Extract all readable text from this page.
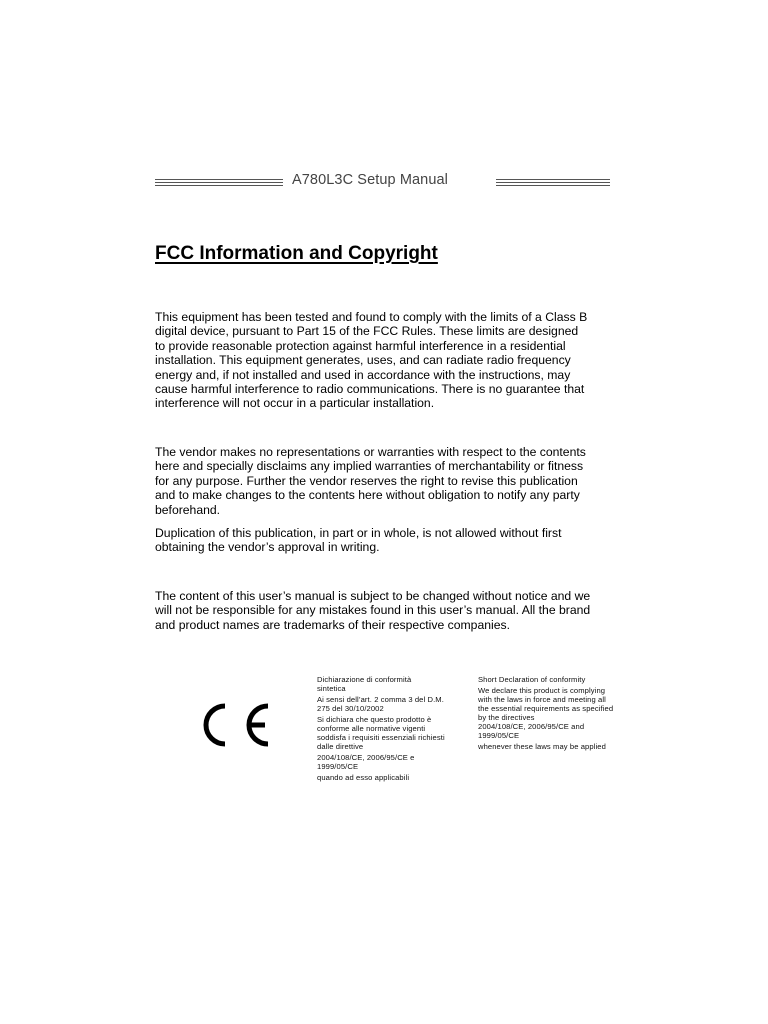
A780L3C Setup Manual
FCC Information and Copyright

This equipment has been tested and found to comply with the limits of a Class B
digital device, pursuant to Part 15 of the FCC Rules. These limits are designed
to provide reasonable protection against harmful interference in a residential
installation. This equipment generates, uses, and can radiate radio frequency
energy and, if not installed and used in accordance with the instructions, may
cause harmful interference to radio communications. There is no guarantee that
interference will not occur in a particular installation.

The vendor makes no representations or warranties with respect to the contents
here and specially disclaims any implied warranties of merchantability or fitness
for any purpose. Further the vendor reserves the right to revise this publication
and to make changes to the contents here without obligation to notify any party
beforehand.

Duplication of this publication, in part or in whole, is not allowed without first
obtaining the vendor’s approval in writing.

The content of this user’s manual is subject to be changed without notice and we
will not be responsible for any mistakes found in this user’s manual. All the brand
and product names are trademarks of their respective companies.

Dichiarazione di conformità

sintetica

Ai sensi dell’art. 2 comma 3 del D.M.

275 del 30/10/2002

Si dichiara che questo prodotto è

conforme alle normative vigenti

soddisfa i requisiti essenziali richiesti

dalle direttive

2004/108/CE, 2006/95/CE e

1999/05/CE

quando ad esso applicabili

Short Declaration of conformity

We declare this product is complying

with the laws in force and meeting all

the essential requirements as specified

by the directives

2004/108/CE, 2006/95/CE and

1999/05/CE

whenever these laws may be applied
